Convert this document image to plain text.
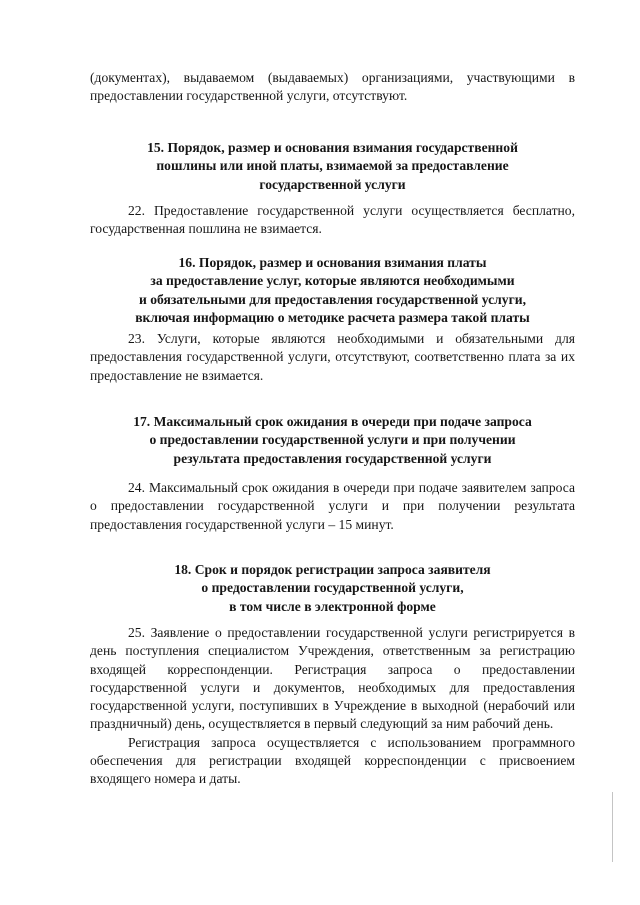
(документах), выдаваемом (выдаваемых) организациями, участвующими в предоставлении государственной услуги, отсутствуют.

15. Порядок, размер и основания взимания государственной
пошлины или иной платы, взимаемой за предоставление
государственной услуги

22. Предоставление государственной услуги осуществляется бесплатно, государственная пошлина не взимается.

16. Порядок, размер и основания взимания платы
за предоставление услуг, которые являются необходимыми
и обязательными для предоставления государственной услуги,
включая информацию о методике расчета размера такой платы

23. Услуги, которые являются необходимыми и обязательными для предоставления государственной услуги, отсутствуют, соответственно плата за их предоставление не взимается.

17. Максимальный срок ожидания в очереди при подаче запроса
о предоставлении государственной услуги и при получении
результата предоставления государственной услуги

24. Максимальный срок ожидания в очереди при подаче заявителем запроса о предоставлении государственной услуги и при получении результата предоставления государственной услуги – 15 минут.

18. Срок и порядок регистрации запроса заявителя
о предоставлении государственной услуги,
в том числе в электронной форме

25. Заявление о предоставлении государственной услуги регистрируется в день поступления специалистом Учреждения, ответственным за регистрацию входящей корреспонденции. Регистрация запроса о предоставлении государственной услуги и документов, необходимых для предоставления государственной услуги, поступивших в Учреждение в выходной (нерабочий или праздничный) день, осуществляется в первый следующий за ним рабочий день.

Регистрация запроса осуществляется с использованием программного обеспечения для регистрации входящей корреспонденции с присвоением входящего номера и даты.
